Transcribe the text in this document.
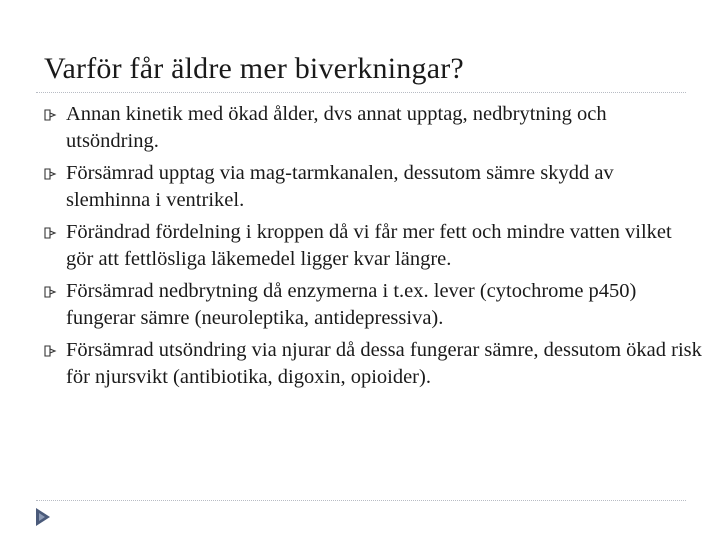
Varför får äldre mer biverkningar?
Annan kinetik med ökad ålder, dvs annat upptag, nedbrytning och utsöndring.
Försämrad upptag via mag-tarmkanalen, dessutom sämre skydd av slemhinna i ventrikel.
Förändrad fördelning i kroppen då vi får mer fett och mindre vatten vilket gör att fettlösliga läkemedel ligger kvar längre.
Försämrad nedbrytning då enzymerna i t.ex. lever (cytochrome p450) fungerar sämre (neuroleptika, antidepressiva).
Försämrad utsöndring via njurar då dessa fungerar sämre, dessutom ökad risk för njursvikt (antibiotika, digoxin, opioider).
